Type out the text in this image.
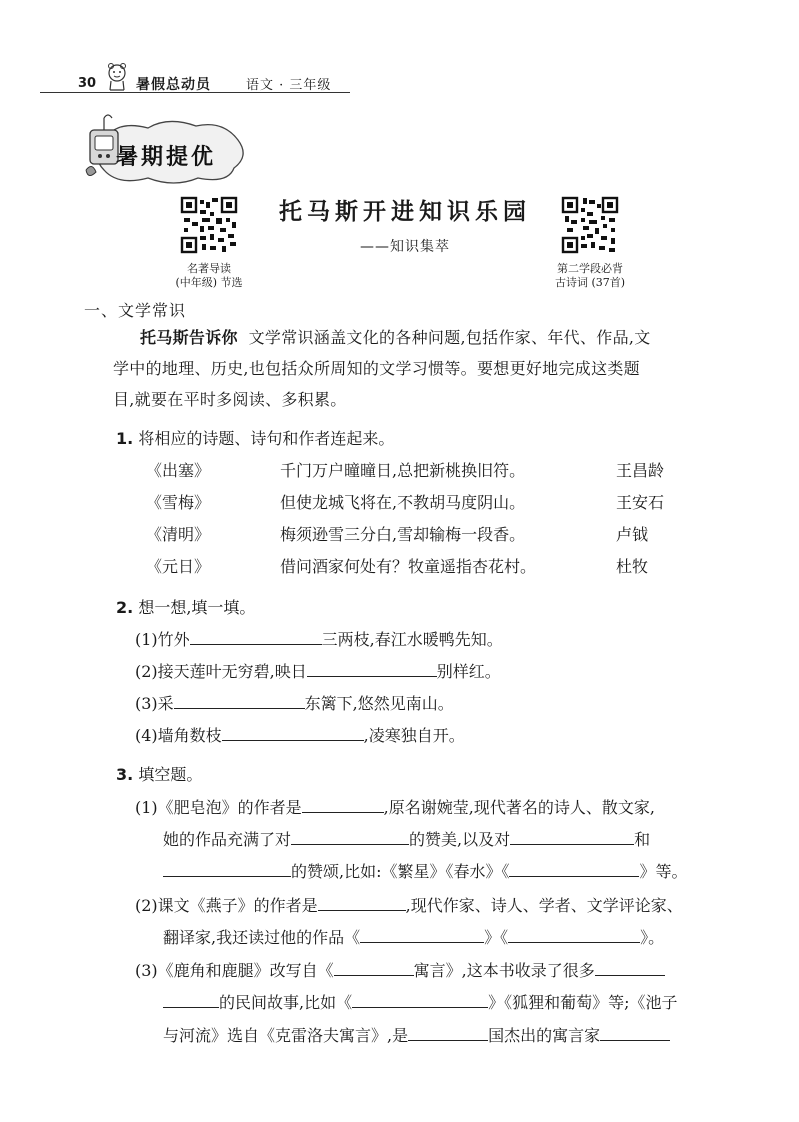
30	暑假总动员	语文 · 三年级
暑期提优
名著导读
(中年级) 节选
第二学段必背
古诗词 (37首)
托马斯开进知识乐园
——知识集萃
一、文学常识
托马斯告诉你 文学常识涵盖文化的各种问题,包括作家、年代、作品,文
学中的地理、历史,也包括众所周知的文学习惯等。要想更好地完成这类题
目,就要在平时多阅读、多积累。
1. 将相应的诗题、诗句和作者连起来。
《出塞》	千门万户曈曈日,总把新桃换旧符。	王昌龄
《雪梅》	但使龙城飞将在,不教胡马度阴山。	王安石
《清明》	梅须逊雪三分白,雪却输梅一段香。	卢钺
《元日》	借问酒家何处有？牧童遥指杏花村。	杜牧
2. 想一想,填一填。
(1)竹外	三两枝,春江水暖鸭先知。
(2)接天莲叶无穷碧,映日	别样红。
(3)采	东篱下,悠然见南山。
(4)墙角数枝	,凌寒独自开。
3. 填空题。
(1)《肥皂泡》的作者是	,原名谢婉莹,现代著名的诗人、散文家,
她的作品充满了对	的赞美,以及对	和
的赞颂,比如:《繁星》《春水》《	》等。
(2)课文《燕子》的作者是	,现代作家、诗人、学者、文学评论家、
翻译家,我还读过他的作品《	》《	》。
(3)《鹿角和鹿腿》改写自《	寓言》,这本书收录了很多
的民间故事,比如《	》《狐狸和葡萄》等;《池子
与河流》选自《克雷洛夫寓言》,是	国杰出的寓言家
